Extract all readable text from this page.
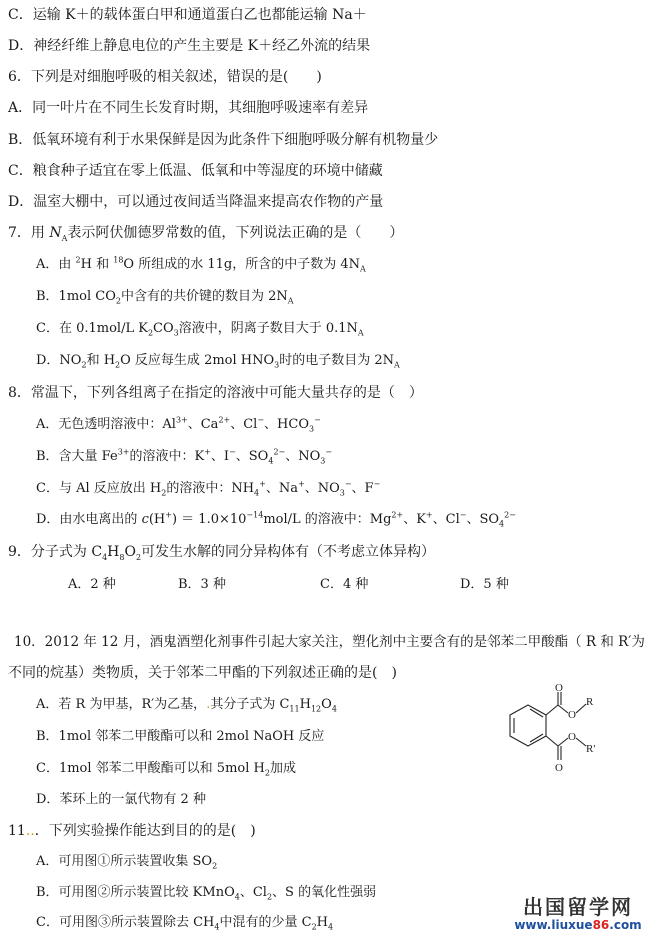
C．运输 K＋的载体蛋白甲和通道蛋白乙也都能运输 Na＋
D．神经纤维上静息电位的产生主要是 K＋经乙外流的结果
6．下列是对细胞呼吸的相关叙述，错误的是(　　)
A．同一叶片在不同生长发育时期，其细胞呼吸速率有差异
B．低氧环境有利于水果保鲜是因为此条件下细胞呼吸分解有机物量少
C．粮食种子适宜在零上低温、低氧和中等湿度的环境中储藏
D．温室大棚中，可以通过夜间适当降温来提高农作物的产量
7．用 $N_A$表示阿伏伽德罗常数的值，下列说法正确的是（　　）
A．由 $^2$H 和 $^{18}$O 所组成的水 11g，所含的中子数为 $4N_A$
B．1mol $CO_2$中含有的共价键的数目为 $2N_A$
C．在 0.1mol/L $K_2CO_3$溶液中，阴离子数目大于 $0.1N_A$
D．$NO_2$和 $H_2O$ 反应每生成 2mol $HNO_3$时的电子数目为 $2N_A$
8．常温下，下列各组离子在指定的溶液中可能大量共存的是（　）
A．无色透明溶液中：$Al^{3+}$、$Ca^{2+}$、Cl−、$HCO_3^-$
B．含大量 $Fe^{3+}$的溶液中：K+、I−、$SO_4^{2-}$、$NO_3^-$
C．与 Al 反应放出 $H_2$的溶液中：$NH_4^+$、Na+、$NO_3^-$、F−
D．由水电离出的 $c(H^+) = 1.0\times 10^{-14}mol/L$ 的溶液中：$Mg^{2+}$、K+、Cl−、$SO_4^{2-}$
9．分子式为 $C_4H_8O_2$可发生水解的同分异构体有（不考虑立体异构）
A．2 种	B．3 种	C．4 种	D．5 种
10．2012 年 12 月，酒鬼酒塑化剂事件引起大家关注，塑化剂中主要含有的是邻苯二甲酸酯（ R 和 R′为
不同的烷基）类物质，关于邻苯二甲酯的下列叙述正确的是(　)
A．若 R 为甲基，R′为乙基，.其分子式为 $C_{11}H_{12}O_4$
B．1mol 邻苯二甲酸酯可以和 2mol NaOH 反应
C．1mol 邻苯二甲酸酯可以和 5mol $H_2$加成
D．苯环上的一氯代物有 2 种
O
O
R
O
R'
O
11..．下列实验操作能达到目的的是(　)
A．可用图①所示装置收集 $SO_2$
B．可用图②所示装置比较 KMnO$_4$、$Cl_2$、S 的氧化性强弱
C．可用图③所示装置除去 $CH_4$中混有的少量 $C_2H_4$
出国留学网
www.liuxue86.com
